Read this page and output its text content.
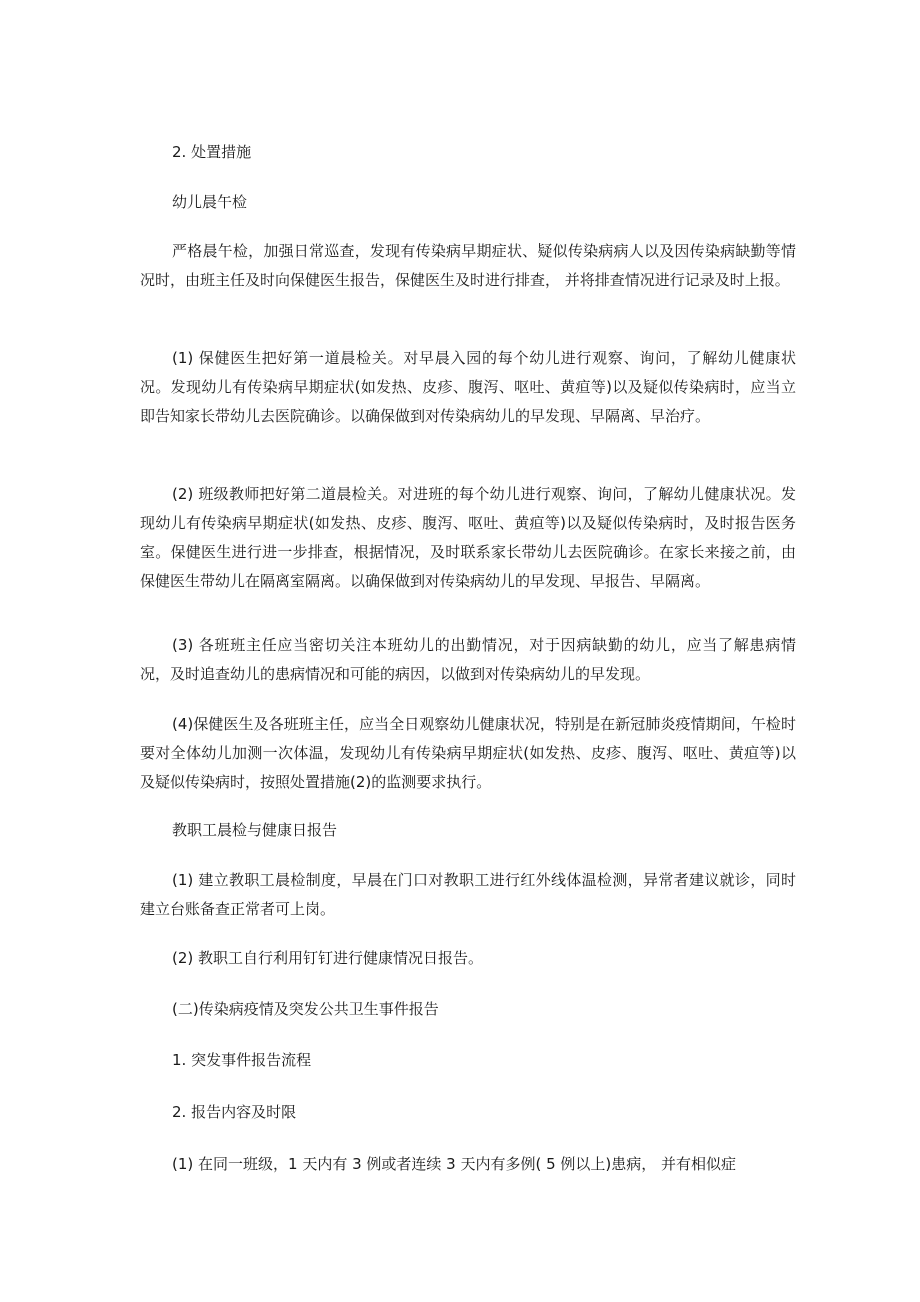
2. 处置措施

幼儿晨午检

严格晨午检，加强日常巡查，发现有传染病早期症状、疑似传染病病人以及因传染病缺勤等情况时，由班主任及时向保健医生报告，保健医生及时进行排查， 并将排查情况进行记录及时上报。

(1) 保健医生把好第一道晨检关。对早晨入园的每个幼儿进行观察、询问，了解幼儿健康状况。发现幼儿有传染病早期症状(如发热、皮疹、腹泻、呕吐、黄疸等)以及疑似传染病时，应当立即告知家长带幼儿去医院确诊。以确保做到对传染病幼儿的早发现、早隔离、早治疗。

(2) 班级教师把好第二道晨检关。对进班的每个幼儿进行观察、询问，了解幼儿健康状况。发现幼儿有传染病早期症状(如发热、皮疹、腹泻、呕吐、黄疸等)以及疑似传染病时，及时报告医务室。保健医生进行进一步排查，根据情况，及时联系家长带幼儿去医院确诊。在家长来接之前，由保健医生带幼儿在隔离室隔离。以确保做到对传染病幼儿的早发现、早报告、早隔离。

(3) 各班班主任应当密切关注本班幼儿的出勤情况，对于因病缺勤的幼儿，应当了解患病情况，及时追查幼儿的患病情况和可能的病因，以做到对传染病幼儿的早发现。

(4)保健医生及各班班主任，应当全日观察幼儿健康状况，特别是在新冠肺炎疫情期间，午检时要对全体幼儿加测一次体温，发现幼儿有传染病早期症状(如发热、皮疹、腹泻、呕吐、黄疸等)以及疑似传染病时，按照处置措施(2)的监测要求执行。

教职工晨检与健康日报告

(1) 建立教职工晨检制度，早晨在门口对教职工进行红外线体温检测，异常者建议就诊，同时建立台账备查正常者可上岗。

(2) 教职工自行利用钉钉进行健康情况日报告。

(二)传染病疫情及突发公共卫生事件报告

1. 突发事件报告流程

2. 报告内容及时限

(1) 在同一班级，1 天内有 3 例或者连续 3 天内有多例( 5 例以上)患病， 并有相似症
